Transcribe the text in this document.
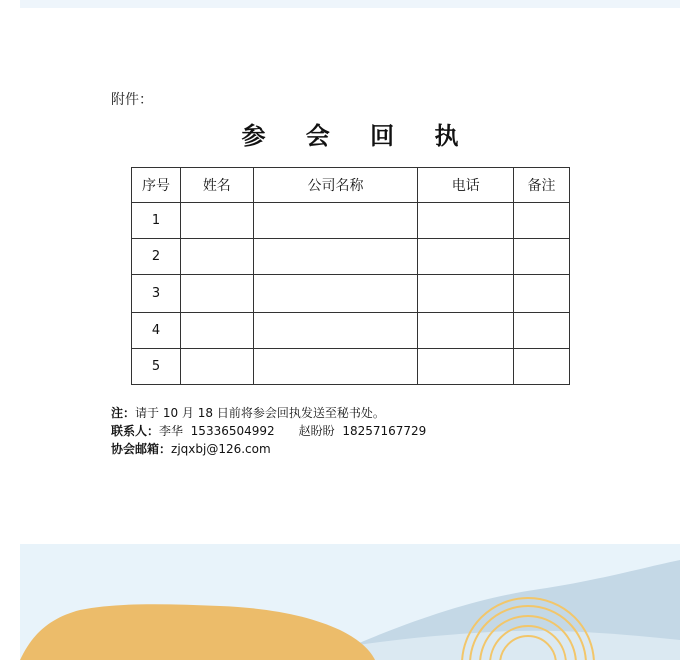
附件：
参 会 回 执
序号	姓名	公司名称	电话	备注
1				
2				
3				
4				
5				
注：请于 10 月 18 日前将参会回执发送至秘书处。
联系人：李华 15336504992 赵盼盼 18257167729
协会邮箱：zjqxbj@126.com
